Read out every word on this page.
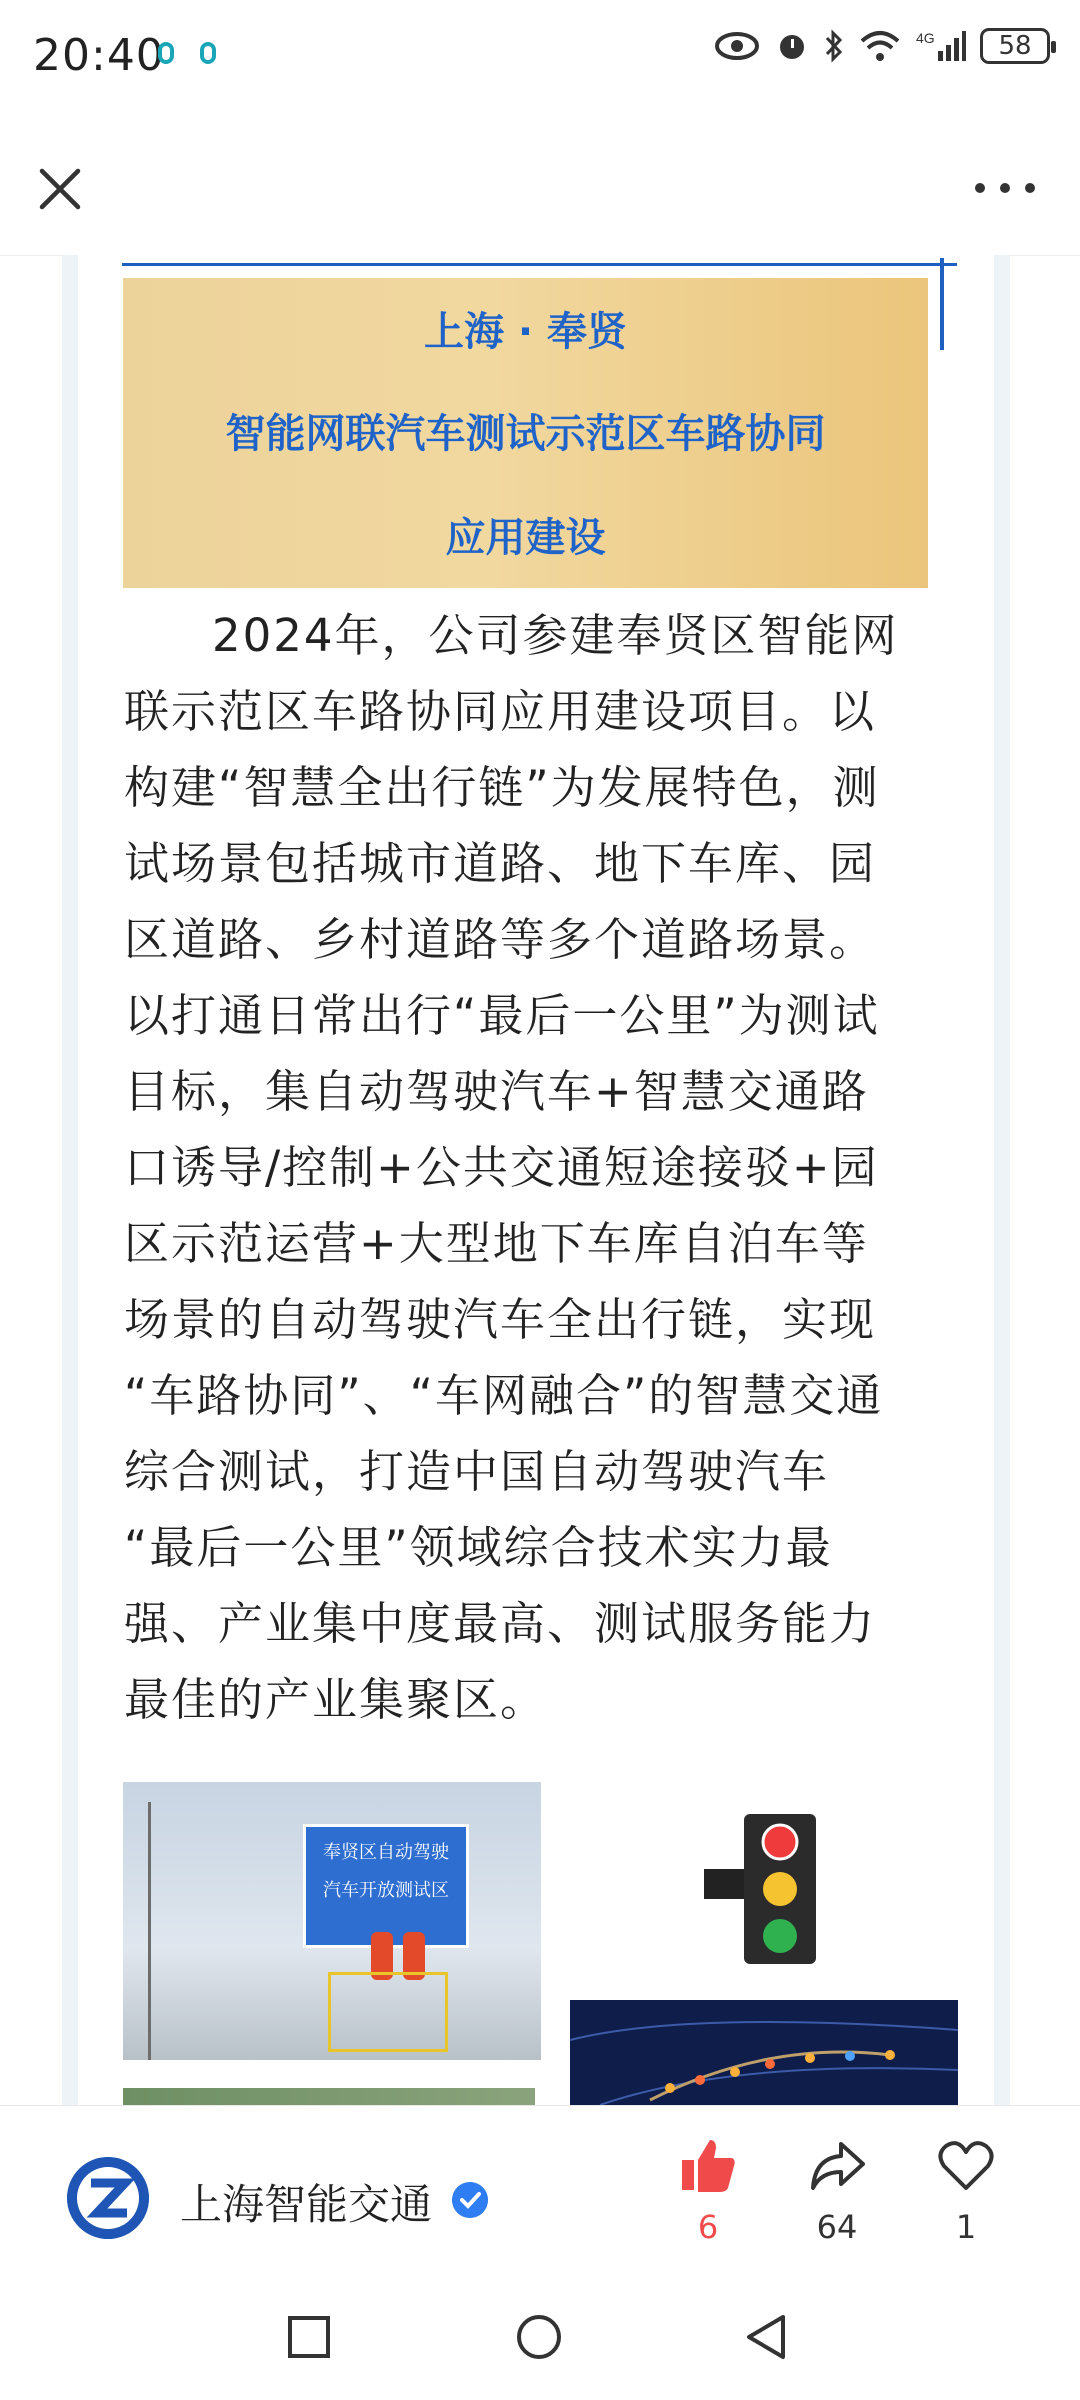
20:40	4G	58
上海 · 奉贤
智能网联汽车测试示范区车路协同
应用建设
2024年，公司参建奉贤区智能网
联示范区车路协同应用建设项目。以
构建“智慧全出行链”为发展特色，测
试场景包括城市道路、地下车库、园
区道路、乡村道路等多个道路场景。
以打通日常出行“最后一公里”为测试
目标，集自动驾驶汽车+智慧交通路
口诱导/控制+公共交通短途接驳+园
区示范运营+大型地下车库自泊车等
场景的自动驾驶汽车全出行链，实现
“车路协同”、“车网融合”的智慧交通
综合测试，打造中国自动驾驶汽车
“最后一公里”领域综合技术实力最
强、产业集中度最高、测试服务能力
最佳的产业集聚区。
奉贤区自动驾驶
汽车开放测试区
上海智能交通	6	64	1
